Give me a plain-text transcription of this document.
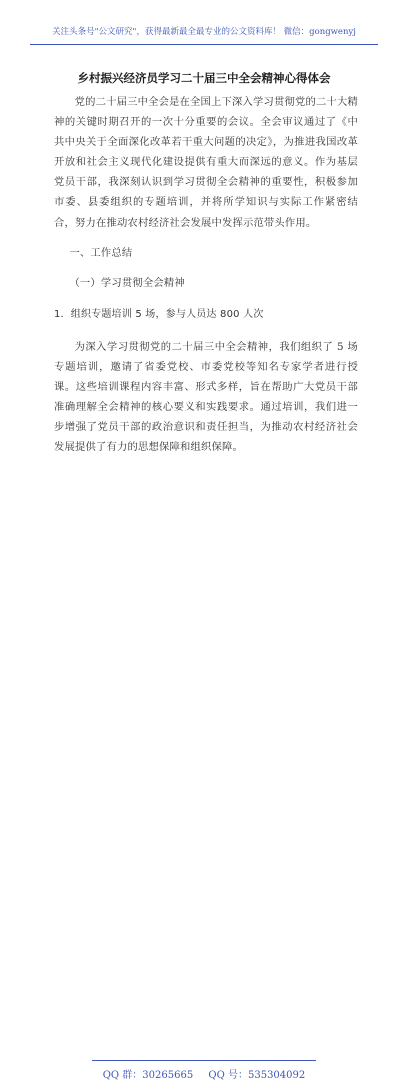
关注头条号"公文研究"，获得最新最全最专业的公文资料库！ 微信：gongwenyj
乡村振兴经济员学习二十届三中全会精神心得体会

党的二十届三中全会是在全国上下深入学习贯彻党的二十大精神的关键时期召开的一次十分重要的会议。全会审议通过了《中共中央关于全面深化改革若干重大问题的决定》，为推进我国改革开放和社会主义现代化建设提供有重大而深远的意义。作为基层党员干部，我深刻认识到学习贯彻全会精神的重要性，积极参加市委、县委组织的专题培训，并将所学知识与实际工作紧密结合，努力在推动农村经济社会发展中发挥示范带头作用。

一、工作总结

（一）学习贯彻全会精神

1．组织专题培训 5 场，参与人员达 800 人次

为深入学习贯彻党的二十届三中全会精神，我们组织了 5 场专题培训，邀请了省委党校、市委党校等知名专家学者进行授课。这些培训课程内容丰富、形式多样，旨在帮助广大党员干部准确理解全会精神的核心要义和实践要求。通过培训，我们进一步增强了党员干部的政治意识和责任担当，为推动农村经济社会发展提供了有力的思想保障和组织保障。

QQ 群：30265665 QQ 号：535304092
